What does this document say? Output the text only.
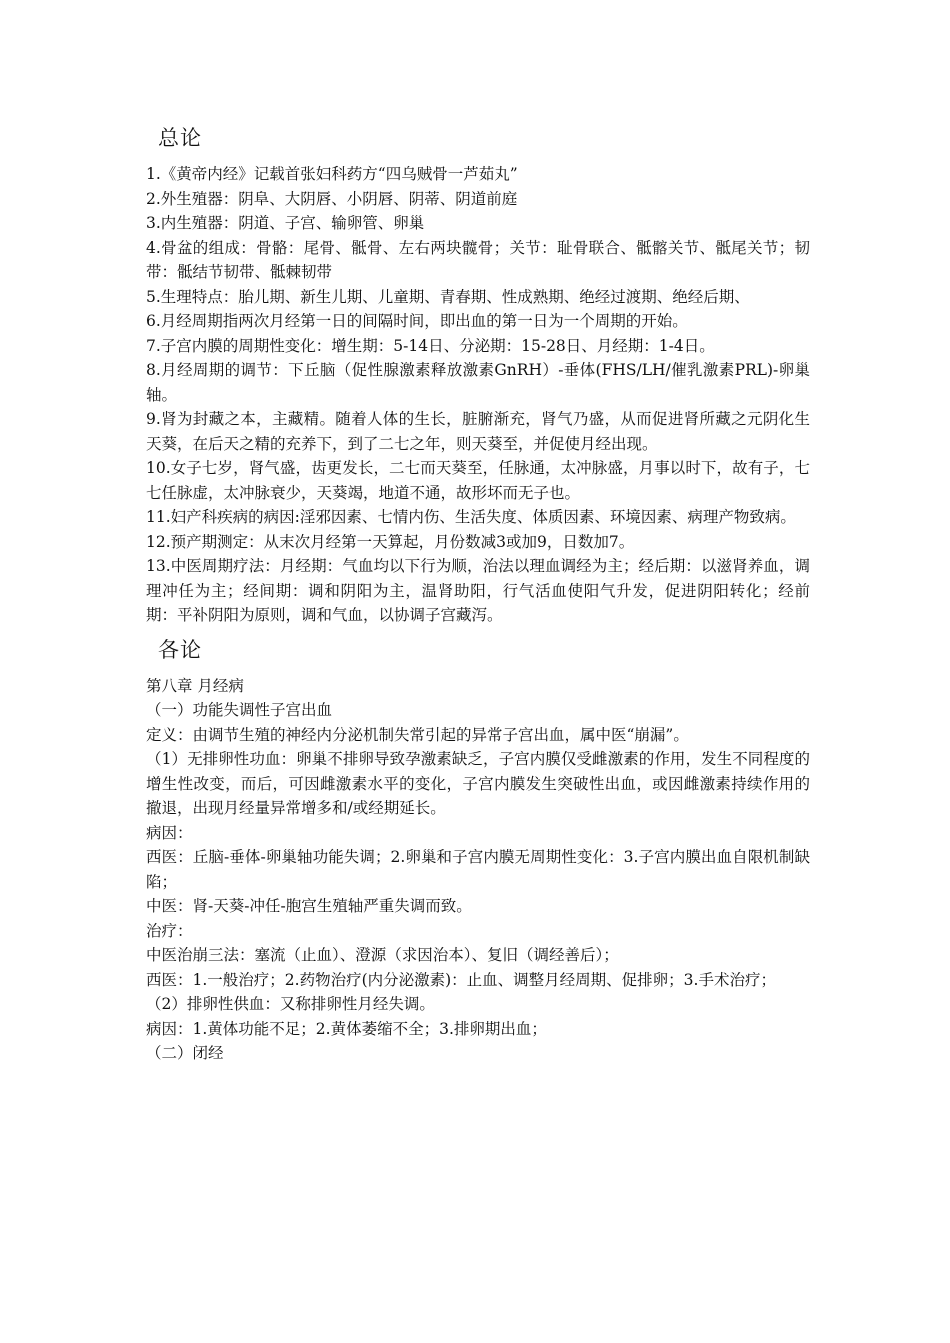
总论

1.《黄帝内经》记载首张妇科药方“四乌贼骨一芦茹丸”

2.外生殖器：阴阜、大阴唇、小阴唇、阴蒂、阴道前庭

3.内生殖器：阴道、子宫、输卵管、卵巢

4.骨盆的组成：骨骼：尾骨、骶骨、左右两块髋骨；关节：耻骨联合、骶髂关节、骶尾关节；韧带：骶结节韧带、骶棘韧带

5.生理特点：胎儿期、新生儿期、儿童期、青春期、性成熟期、绝经过渡期、绝经后期、

6.月经周期指两次月经第一日的间隔时间，即出血的第一日为一个周期的开始。

7.子宫内膜的周期性变化：增生期：5-14日、分泌期：15-28日、月经期：1-4日。

8.月经周期的调节：下丘脑（促性腺激素释放激素GnRH）-垂体(FHS/LH/催乳激素PRL)-卵巢轴。

9.肾为封藏之本，主藏精。随着人体的生长，脏腑渐充，肾气乃盛，从而促进肾所藏之元阴化生天葵，在后天之精的充养下，到了二七之年，则天葵至，并促使月经出现。

10.女子七岁，肾气盛，齿更发长，二七而天葵至，任脉通，太冲脉盛，月事以时下，故有子，七七任脉虚，太冲脉衰少，天葵竭，地道不通，故形坏而无子也。

11.妇产科疾病的病因:淫邪因素、七情内伤、生活失度、体质因素、环境因素、病理产物致病。

12.预产期测定：从末次月经第一天算起，月份数减3或加9，日数加7。

13.中医周期疗法：月经期：气血均以下行为顺，治法以理血调经为主；经后期：以滋肾养血，调理冲任为主；经间期：调和阴阳为主，温肾助阳，行气活血使阳气升发，促进阴阳转化；经前期：平补阴阳为原则，调和气血，以协调子宫藏泻。

各论

第八章 月经病

（一）功能失调性子宫出血

定义：由调节生殖的神经内分泌机制失常引起的异常子宫出血，属中医“崩漏”。

（1）无排卵性功血：卵巢不排卵导致孕激素缺乏，子宫内膜仅受雌激素的作用，发生不同程度的增生性改变，而后，可因雌激素水平的变化，子宫内膜发生突破性出血，或因雌激素持续作用的撤退，出现月经量异常增多和/或经期延长。

病因：

西医：丘脑-垂体-卵巢轴功能失调；2.卵巢和子宫内膜无周期性变化：3.子宫内膜出血自限机制缺陷；

中医：肾-天葵-冲任-胞宫生殖轴严重失调而致。

治疗：

中医治崩三法：塞流（止血）、澄源（求因治本）、复旧（调经善后）；

西医：1.一般治疗；2.药物治疗(内分泌激素)：止血、调整月经周期、促排卵；3.手术治疗；

（2）排卵性供血：又称排卵性月经失调。

病因：1.黄体功能不足；2.黄体萎缩不全；3.排卵期出血；

（二）闭经
